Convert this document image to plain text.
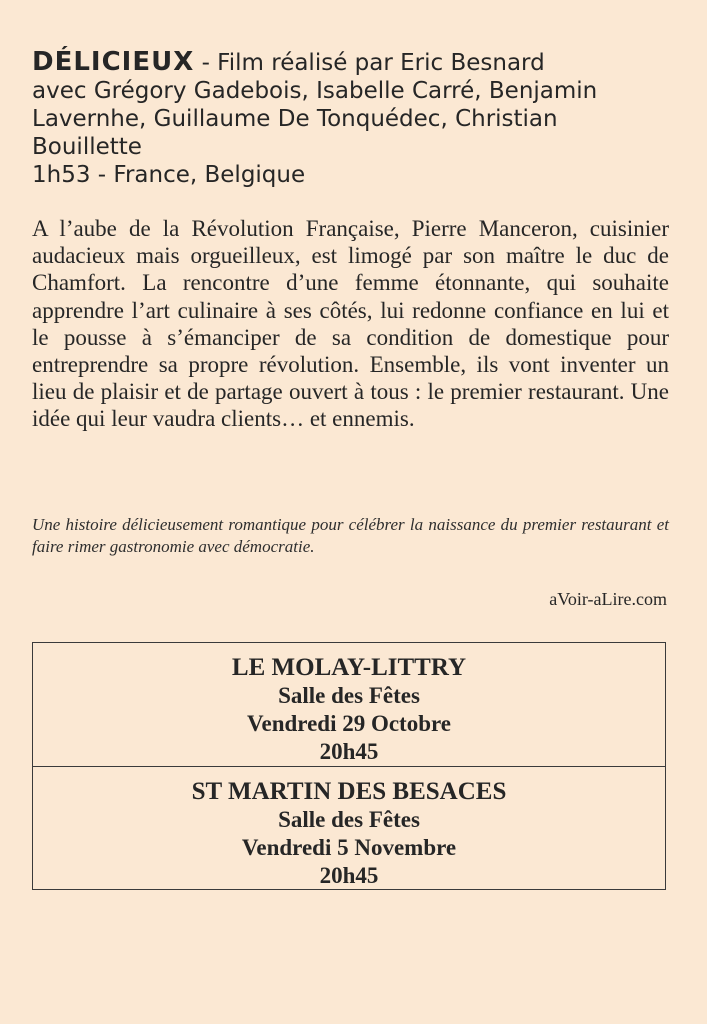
DÉLICIEUX - Film réalisé par Eric Besnard
avec Grégory Gadebois, Isabelle Carré, Benjamin
Lavernhe, Guillaume De Tonquédec, Christian
Bouillette
1h53 - France, Belgique
A l’aube de la Révolution Française, Pierre Manceron, cuisinier audacieux mais orgueilleux, est limogé par son maître le duc de Chamfort. La rencontre d’une femme étonnante, qui souhaite apprendre l’art culinaire à ses côtés, lui redonne confiance en lui et le pousse à s’émanciper de sa condition de domestique pour entreprendre sa propre révolution. Ensemble, ils vont inventer un lieu de plaisir et de partage ouvert à tous : le premier restaurant. Une idée qui leur vaudra clients… et ennemis.
Une histoire délicieusement romantique pour célébrer la naissance du premier restaurant et faire rimer gastronomie avec démocratie.
aVoir-aLire.com
LE MOLAY-LITTRY
Salle des Fêtes
Vendredi 29 Octobre
20h45
ST MARTIN DES BESACES
Salle des Fêtes
Vendredi 5 Novembre
20h45
